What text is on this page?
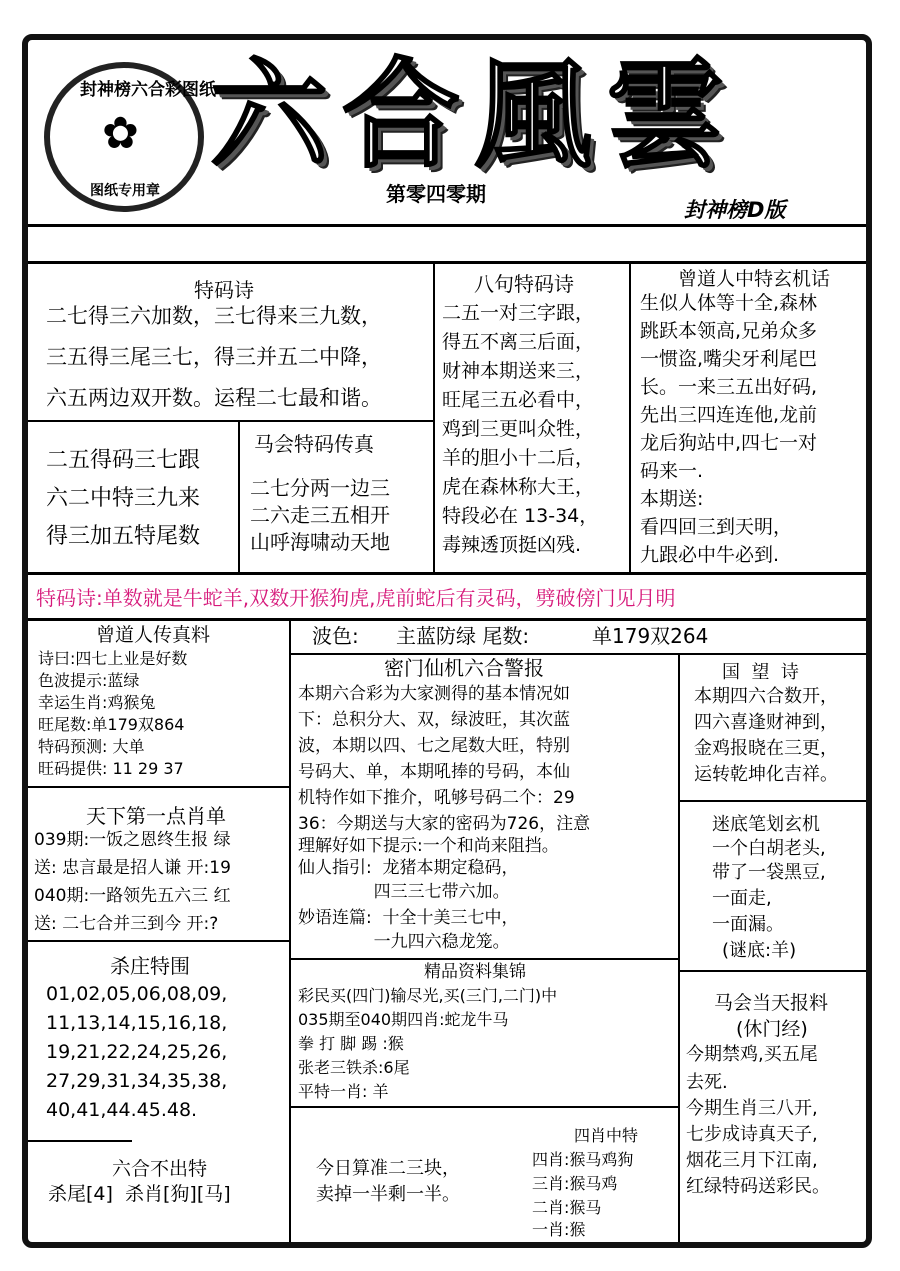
封神榜六合彩图纸
✿
图纸专用章
六合風雲
第零四零期
封神榜D版
特码诗
二七得三六加数，三七得来三九数，
三五得三尾三七，得三并五二中降，
六五两边双开数。运程二七最和谐。
二五得码三七跟
六二中特三九来
得三加五特尾数
马会特码传真
二七分两一边三
二六走三五相开
山呼海啸动天地
八句特码诗
二五一对三字跟，
得五不离三后面，
财神本期送来三，
旺尾三五必看中，
鸡到三更叫众牲，
羊的胆小十二后，
虎在森林称大王，
特段必在 13-34，
毒辣透顶挺凶残.
曾道人中特玄机话
生似人体等十全,森林
跳跃本领高,兄弟众多
一惯盗,嘴尖牙利尾巴
长。一来三五出好码,
先出三四连连他,龙前
龙后狗站中,四七一对
码来一.
本期送:
看四回三到天明，
九跟必中牛必到.
特码诗:单数就是牛蛇羊,双数开猴狗虎,虎前蛇后有灵码，劈破傍门见月明
曾道人传真料
诗曰:四七上业是好数
色波提示:蓝绿
幸运生肖:鸡猴兔
旺尾数:单179双864
特码预测: 大单
旺码提供: 11 29 37
天下第一点肖单
039期:一饭之恩终生报 绿
送: 忠言最是招人谦 开:19
040期:一路领先五六三 红
送: 二七合并三到今 开:?
杀庄特围
01,02,05,06,08,09,
11,13,14,15,16,18,
19,21,22,24,25,26,
27,29,31,34,35,38,
40,41,44.45.48.
六合不出特
杀尾[4]  杀肖[狗][马]
波色: 主蓝防绿 尾数:	单179双264
密门仙机六合警报
本期六合彩为大家测得的基本情况如
下：总积分大、双，绿波旺，其次蓝
波，本期以四、七之尾数大旺，特别
号码大、单，本期吼捧的号码，本仙
机特作如下推介，吼够号码二个：29
36：今期送与大家的密码为726，注意
理解好如下提示:一个和尚来阻挡。
仙人指引:  龙猪本期定稳码，
四三三七带六加。
妙语连篇:  十全十美三七中，
一九四六稳龙笼。
精品资料集锦
彩民买(四门)输尽光,买(三门,二门)中
035期至040期四肖:蛇龙牛马
拳 打 脚 踢 :猴
张老三铁杀:6尾
平特一肖: 羊
今日算准二三块，
卖掉一半剩一半。
四肖中特
四肖:猴马鸡狗
三肖:猴马鸡
二肖:猴马
一肖:猴
国  望  诗
本期四六合数开，
四六喜逢财神到，
金鸡报晓在三更，
运转乾坤化吉祥。
迷底笔划玄机
一个白胡老头,
带了一袋黑豆,
一面走,
一面漏。
(谜底:羊)
马会当天报料
(休门经)
今期禁鸡,买五尾
去死.
今期生肖三八开,
七步成诗真天子,
烟花三月下江南,
红绿特码送彩民。
